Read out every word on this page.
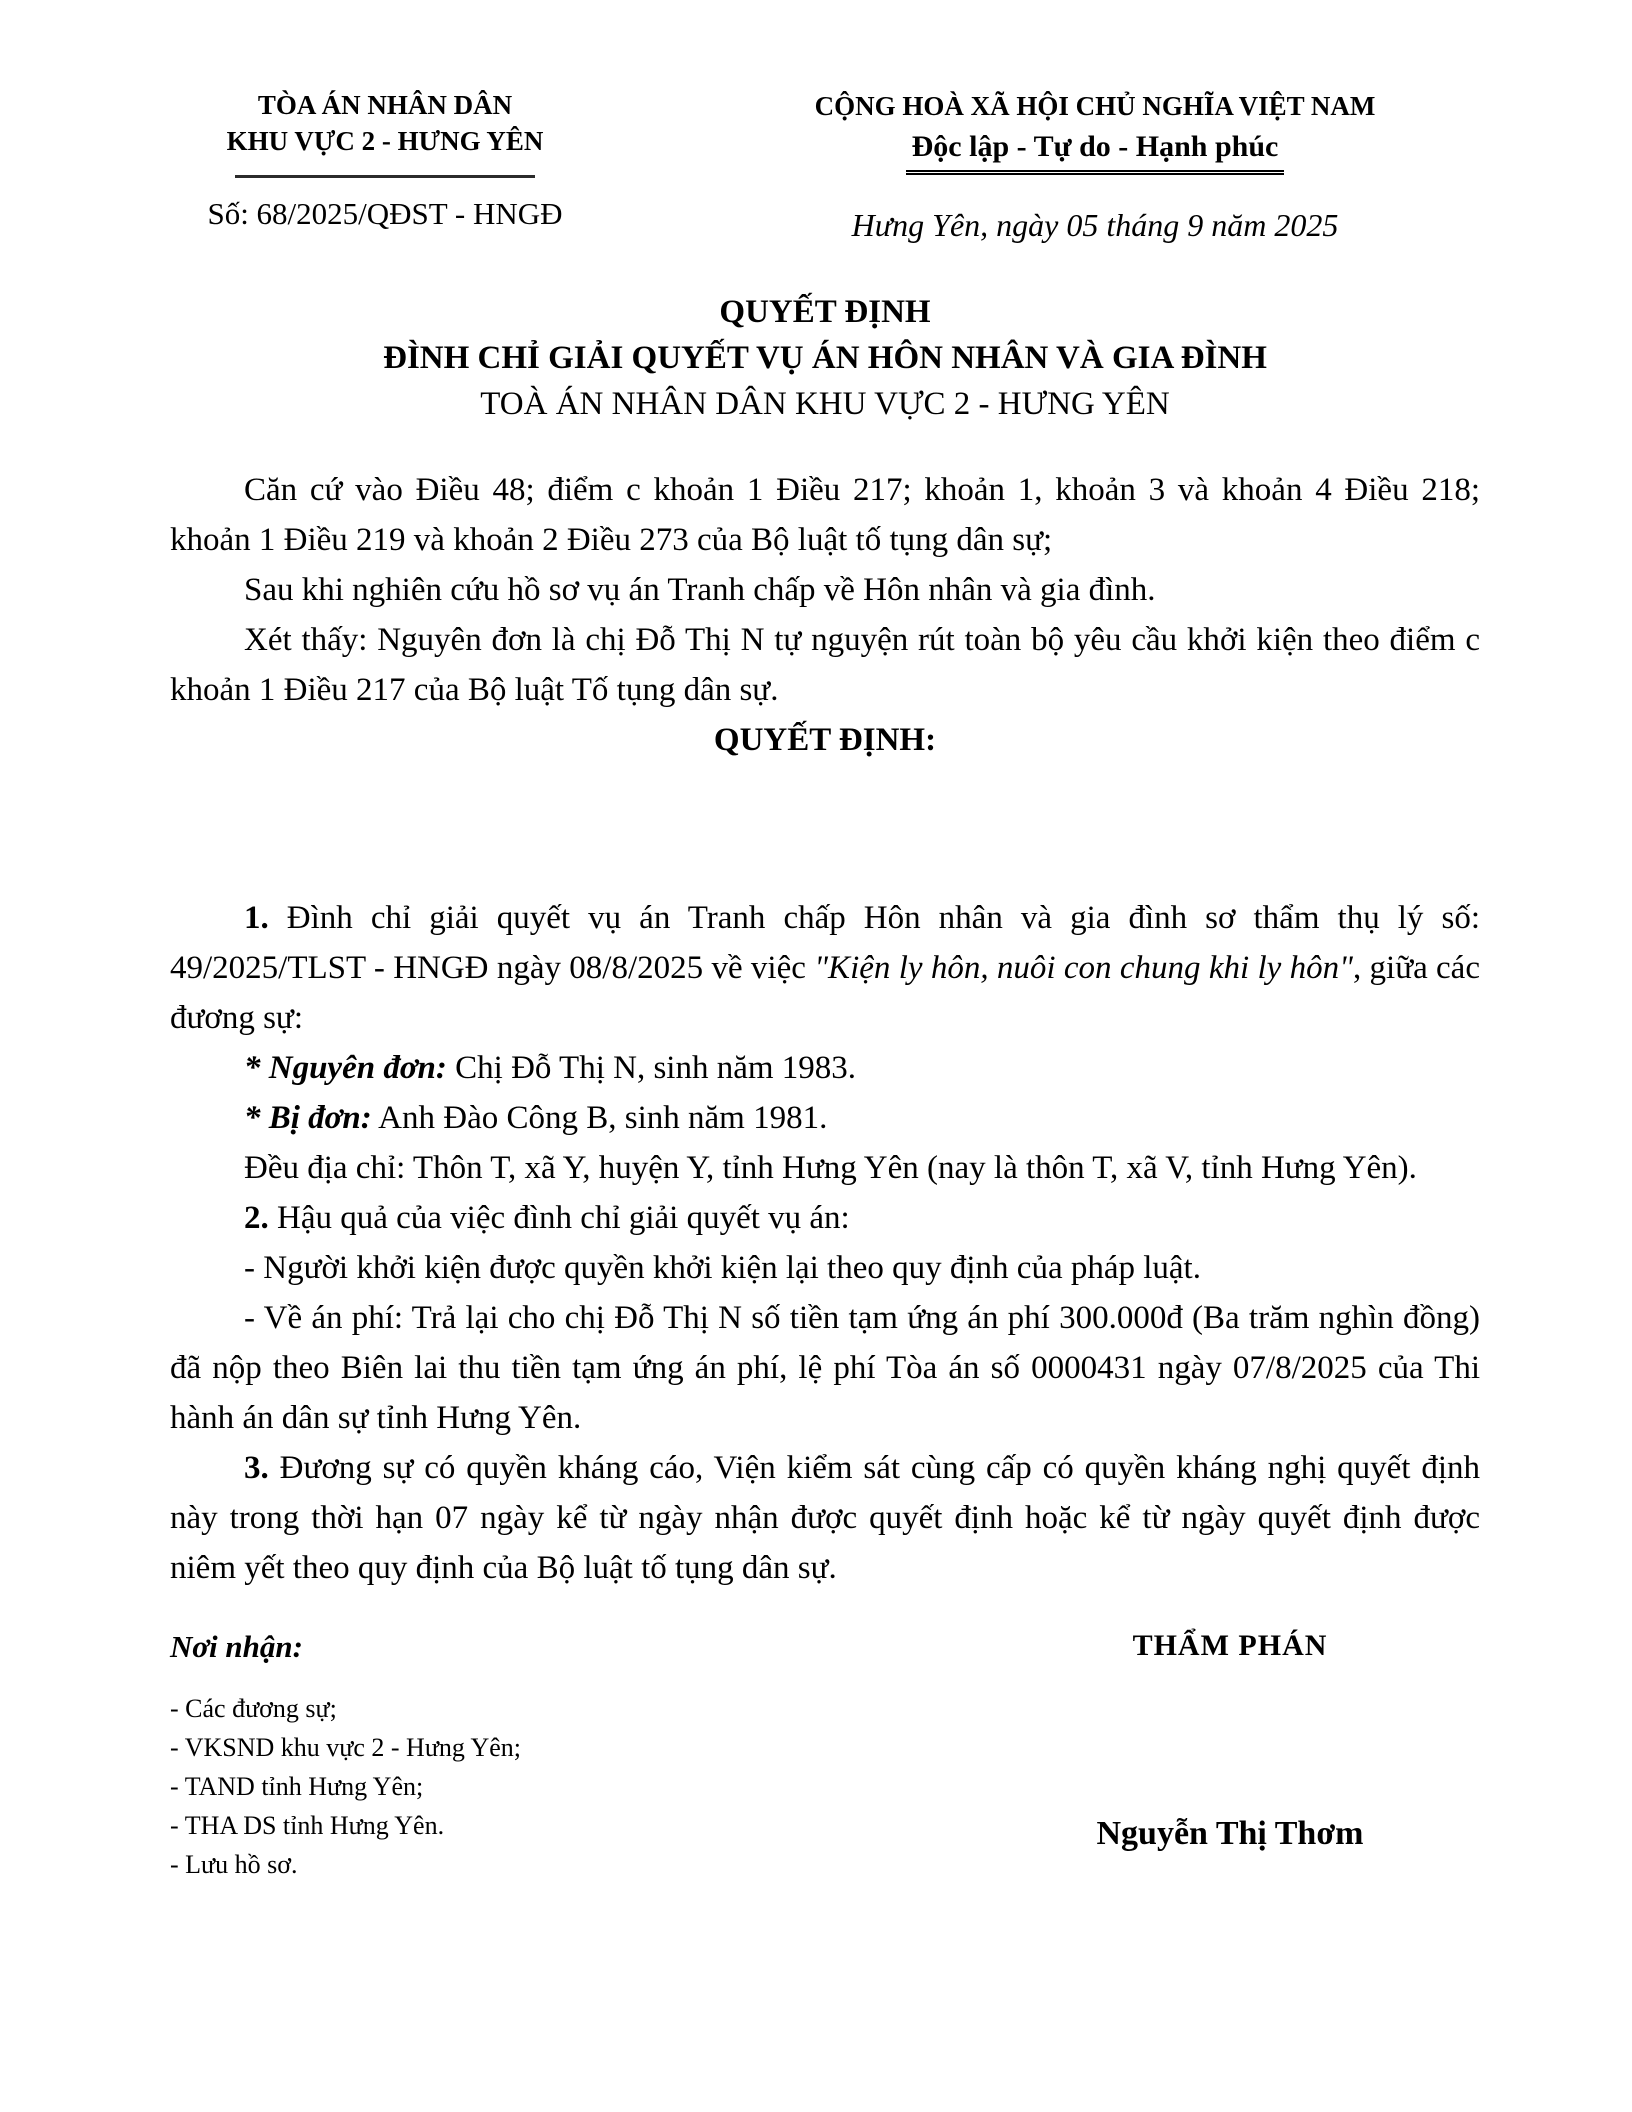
TÒA ÁN NHÂN DÂN
KHU VỰC 2 - HƯNG YÊN
Số: 68/2025/QĐST - HNGĐ
CỘNG HOÀ XÃ HỘI CHỦ NGHĨA VIỆT NAM
Độc lập - Tự do - Hạnh phúc
Hưng Yên, ngày 05 tháng 9 năm 2025
QUYẾT ĐỊNH
ĐÌNH CHỈ GIẢI QUYẾT VỤ ÁN HÔN NHÂN VÀ GIA ĐÌNH
TOÀ ÁN NHÂN DÂN KHU VỰC 2 - HƯNG YÊN

Căn cứ vào Điều 48; điểm c khoản 1 Điều 217; khoản 1, khoản 3 và khoản 4 Điều 218; khoản 1 Điều 219 và khoản 2 Điều 273 của Bộ luật tố tụng dân sự;

Sau khi nghiên cứu hồ sơ vụ án Tranh chấp về Hôn nhân và gia đình.

Xét thấy: Nguyên đơn là chị Đỗ Thị N tự nguyện rút toàn bộ yêu cầu khởi kiện theo điểm c khoản 1 Điều 217 của Bộ luật Tố tụng dân sự.

QUYẾT ĐỊNH:

1. Đình chỉ giải quyết vụ án Tranh chấp Hôn nhân và gia đình sơ thẩm thụ lý số: 49/2025/TLST - HNGĐ ngày 08/8/2025 về việc "Kiện ly hôn, nuôi con chung khi ly hôn", giữa các đương sự:

* Nguyên đơn: Chị Đỗ Thị N, sinh năm 1983.

* Bị đơn: Anh Đào Công B, sinh năm 1981.

Đều địa chỉ: Thôn T, xã Y, huyện Y, tỉnh Hưng Yên (nay là thôn T, xã V, tỉnh Hưng Yên).

2. Hậu quả của việc đình chỉ giải quyết vụ án:

- Người khởi kiện được quyền khởi kiện lại theo quy định của pháp luật.

- Về án phí: Trả lại cho chị Đỗ Thị N số tiền tạm ứng án phí 300.000đ (Ba trăm nghìn đồng) đã nộp theo Biên lai thu tiền tạm ứng án phí, lệ phí Tòa án số 0000431 ngày 07/8/2025 của Thi hành án dân sự tỉnh Hưng Yên.

3. Đương sự có quyền kháng cáo, Viện kiểm sát cùng cấp có quyền kháng nghị quyết định này trong thời hạn 07 ngày kể từ ngày nhận được quyết định hoặc kể từ ngày quyết định được niêm yết theo quy định của Bộ luật tố tụng dân sự.

Nơi nhận:
- Các đương sự;
- VKSND khu vực 2 - Hưng Yên;
- TAND tỉnh Hưng Yên;
- THA DS tỉnh Hưng Yên.
- Lưu hồ sơ.
THẨM PHÁN
Nguyễn Thị Thơm
